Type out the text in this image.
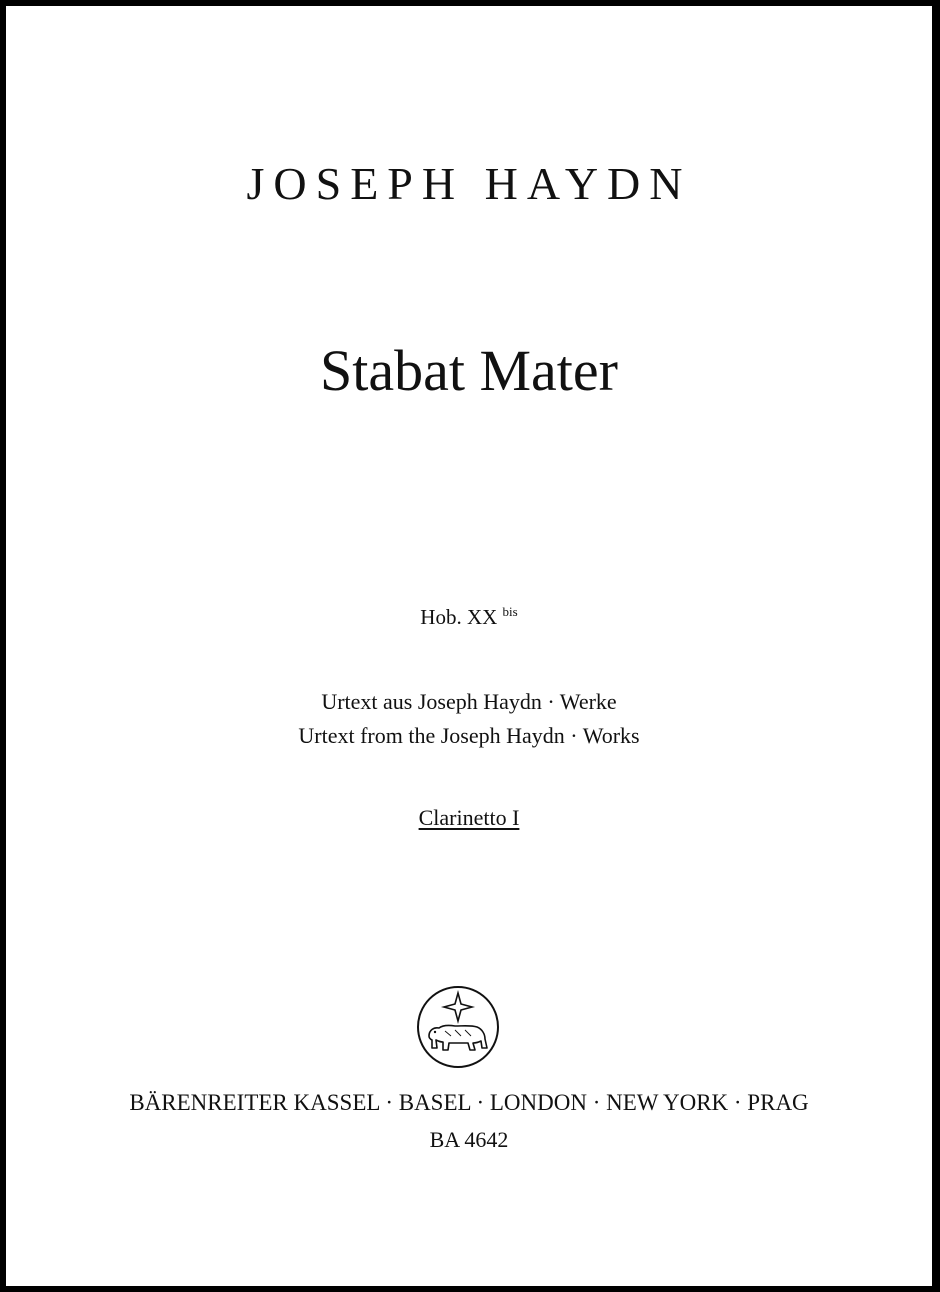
JOSEPH HAYDN
Stabat Mater
Hob. XX $^{bis}$
Urtext aus Joseph Haydn · Werke
Urtext from the Joseph Haydn · Works
Clarinetto I
BÄRENREITER KASSEL · BASEL · LONDON · NEW YORK · PRAG
BA 4642
